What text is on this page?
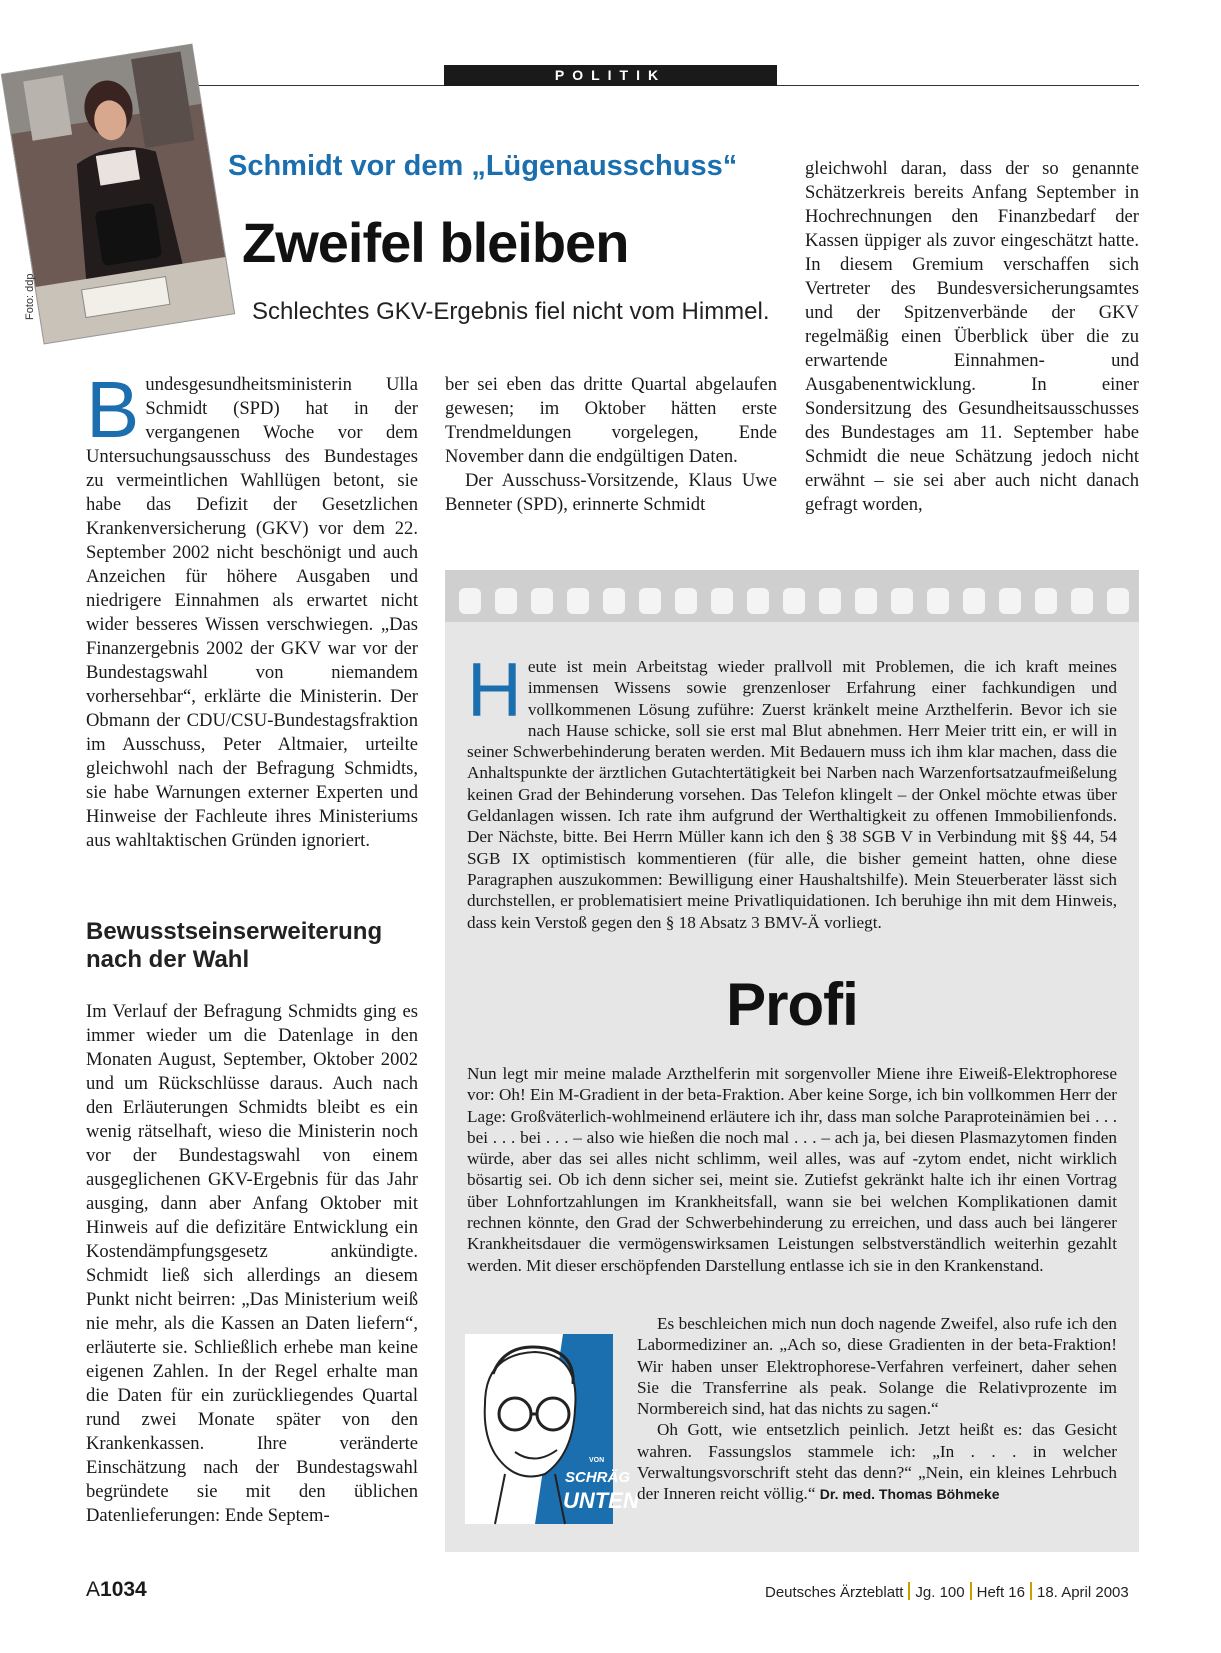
POLITIK
Foto: ddp
Schmidt vor dem „Lügenausschuss“
Zweifel bleiben
Schlechtes GKV-Ergebnis fiel nicht vom Himmel.
B undesgesundheitsministerin Ulla Schmidt (SPD) hat in der vergangenen Woche vor dem Untersuchungsausschuss des Bundestages zu vermeintlichen Wahllügen betont, sie habe das Defizit der Gesetzlichen Krankenversicherung (GKV) vor dem 22. September 2002 nicht beschönigt und auch Anzeichen für höhere Ausgaben und niedrigere Einnahmen als erwartet nicht wider besseres Wissen verschwiegen. „Das Finanzergebnis 2002 der GKV war vor der Bundestagswahl von niemandem vorhersehbar“, erklärte die Ministerin. Der Obmann der CDU/CSU-Bundestagsfraktion im Ausschuss, Peter Altmaier, urteilte gleichwohl nach der Befragung Schmidts, sie habe Warnungen externer Experten und Hinweise der Fachleute ihres Ministeriums aus wahltaktischen Gründen ignoriert.

Bewusstseinserweiterung nach der Wahl

Im Verlauf der Befragung Schmidts ging es immer wieder um die Datenlage in den Monaten August, September, Oktober 2002 und um Rückschlüsse daraus. Auch nach den Erläuterungen Schmidts bleibt es ein wenig rätselhaft, wieso die Ministerin noch vor der Bundestagswahl von einem ausgeglichenen GKV-Ergebnis für das Jahr ausging, dann aber Anfang Oktober mit Hinweis auf die defizitäre Entwicklung ein Kostendämpfungsgesetz ankündigte. Schmidt ließ sich allerdings an diesem Punkt nicht beirren: „Das Ministerium weiß nie mehr, als die Kassen an Daten liefern“, erläuterte sie. Schließlich erhebe man keine eigenen Zahlen. In der Regel erhalte man die Daten für ein zurückliegendes Quartal rund zwei Monate später von den Krankenkassen. Ihre veränderte Einschätzung nach der Bundestagswahl begründete sie mit den üblichen Datenlieferungen: Ende Septem-

ber sei eben das dritte Quartal abgelaufen gewesen; im Oktober hätten erste Trendmeldungen vorgelegen, Ende November dann die endgültigen Daten.

Der Ausschuss-Vorsitzende, Klaus Uwe Benneter (SPD), erinnerte Schmidt

gleichwohl daran, dass der so genannte Schätzerkreis bereits Anfang September in Hochrechnungen den Finanzbedarf der Kassen üppiger als zuvor eingeschätzt hatte. In diesem Gremium verschaffen sich Vertreter des Bundesversicherungsamtes und der Spitzenverbände der GKV regelmäßig einen Überblick über die zu erwartende Einnahmen- und Ausgabenentwicklung. In einer Sondersitzung des Gesundheitsausschusses des Bundestages am 11. September habe Schmidt die neue Schätzung jedoch nicht erwähnt – sie sei aber auch nicht danach gefragt worden,

H eute ist mein Arbeitstag wieder prallvoll mit Problemen, die ich kraft meines immensen Wissens sowie grenzenloser Erfahrung einer fachkundigen und vollkommenen Lösung zuführe: Zuerst kränkelt meine Arzthelferin. Bevor ich sie nach Hause schicke, soll sie erst mal Blut abnehmen. Herr Meier tritt ein, er will in seiner Schwerbehinderung beraten werden. Mit Bedauern muss ich ihm klar machen, dass die Anhaltspunkte der ärztlichen Gutachtertätigkeit bei Narben nach Warzenfortsatzaufmeißelung keinen Grad der Behinderung vorsehen. Das Telefon klingelt – der Onkel möchte etwas über Geldanlagen wissen. Ich rate ihm aufgrund der Werthaltigkeit zu offenen Immobilienfonds. Der Nächste, bitte. Bei Herrn Müller kann ich den § 38 SGB V in Verbindung mit §§ 44, 54 SGB IX optimistisch kommentieren (für alle, die bisher gemeint hatten, ohne diese Paragraphen auszukommen: Bewilligung einer Haushaltshilfe). Mein Steuerberater lässt sich durchstellen, er problematisiert meine Privatliquidationen. Ich beruhige ihn mit dem Hinweis, dass kein Verstoß gegen den § 18 Absatz 3 BMV-Ä vorliegt.

Profi

Nun legt mir meine malade Arzthelferin mit sorgenvoller Miene ihre Eiweiß-Elektrophorese vor: Oh! Ein M-Gradient in der beta-Fraktion. Aber keine Sorge, ich bin vollkommen Herr der Lage: Großväterlich-wohlmeinend erläutere ich ihr, dass man solche Paraproteinämien bei . . . bei . . . bei . . . – also wie hießen die noch mal . . . – ach ja, bei diesen Plasmazytomen finden würde, aber das sei alles nicht schlimm, weil alles, was auf -zytom endet, nicht wirklich bösartig sei. Ob ich denn sicher sei, meint sie. Zutiefst gekränkt halte ich ihr einen Vortrag über Lohnfortzahlungen im Krankheitsfall, wann sie bei welchen Komplikationen damit rechnen könnte, den Grad der Schwerbehinderung zu erreichen, und dass auch bei längerer Krankheitsdauer die vermögenswirksamen Leistungen selbstverständlich weiterhin gezahlt werden. Mit dieser erschöpfenden Darstellung entlasse ich sie in den Krankenstand.

VON
SCHRÄG
UNTEN

Es beschleichen mich nun doch nagende Zweifel, also rufe ich den Labormediziner an. „Ach so, diese Gradienten in der beta-Fraktion! Wir haben unser Elektrophorese-Verfahren verfeinert, daher sehen Sie die Transferrine als peak. Solange die Relativprozente im Normbereich sind, hat das nichts zu sagen.“

Oh Gott, wie entsetzlich peinlich. Jetzt heißt es: das Gesicht wahren. Fassungslos stammele ich: „In . . . in welcher Verwaltungsvorschrift steht das denn?“ „Nein, ein kleines Lehrbuch der Inneren reicht völlig.“ Dr. med. Thomas Böhmeke

A1034	Deutsches Ärzteblatt Jg. 100 Heft 16 18. April 2003
